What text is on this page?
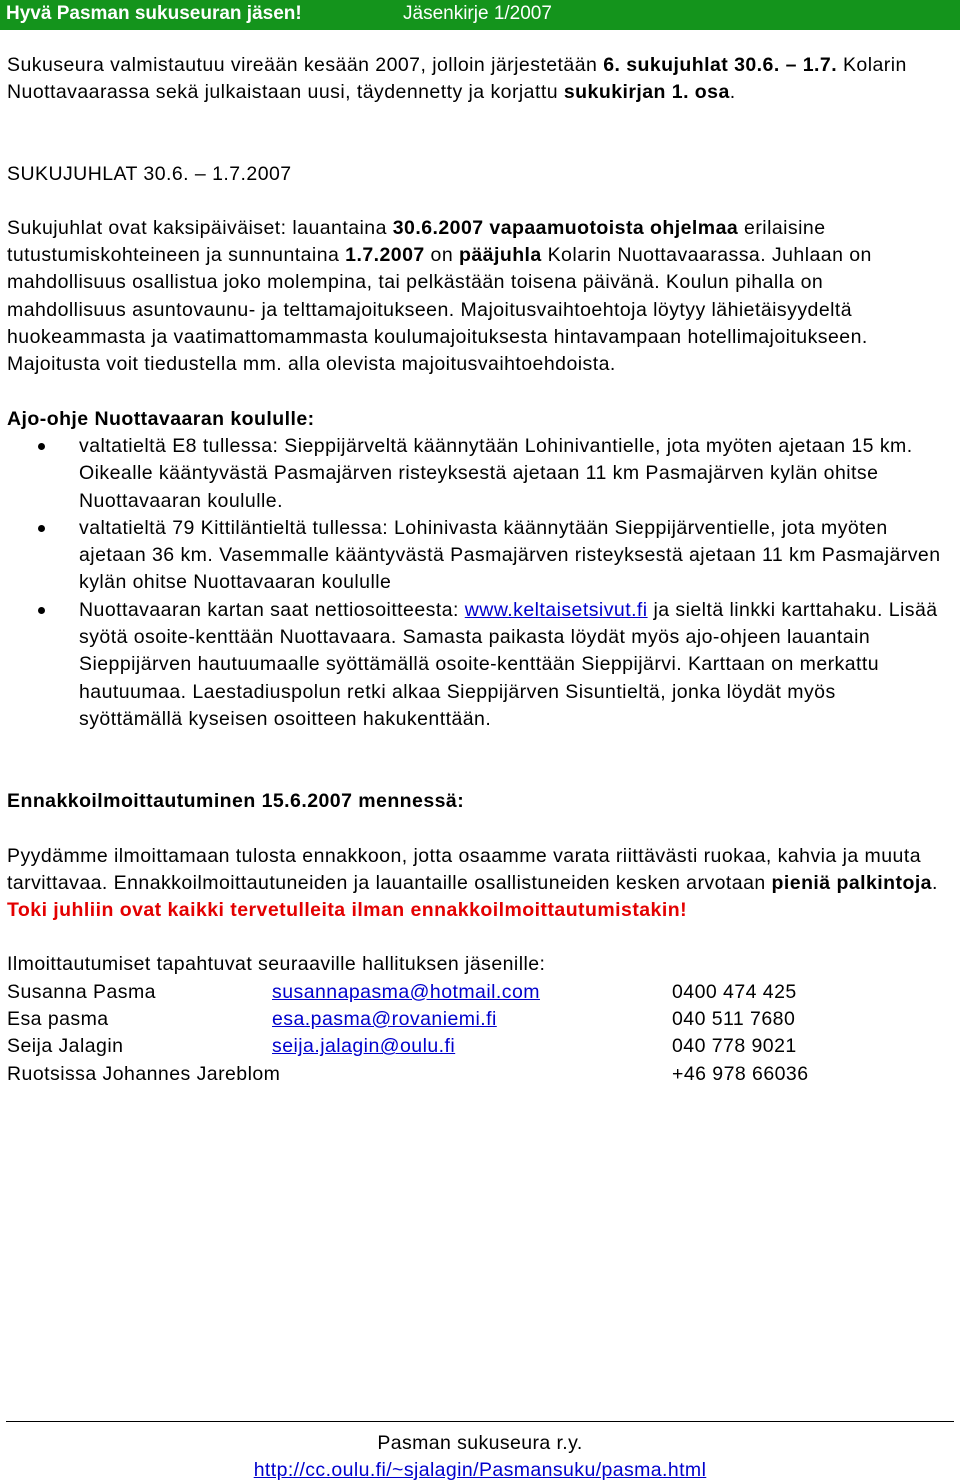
Hyvä Pasman sukuseuran jäsen!	Jäsenkirje 1/2007

Sukuseura valmistautuu vireään kesään 2007, jolloin järjestetään 6. sukujuhlat 30.6. – 1.7. Kolarin Nuottavaarassa sekä julkaistaan uusi, täydennetty ja korjattu sukukirjan 1. osa.

SUKUJUHLAT 30.6. – 1.7.2007

Sukujuhlat ovat kaksipäiväiset: lauantaina 30.6.2007 vapaamuotoista ohjelmaa erilaisine tutustumiskohteineen ja sunnuntaina 1.7.2007 on pääjuhla Kolarin Nuottavaarassa. Juhlaan on mahdollisuus osallistua joko molempina, tai pelkästään toisena päivänä. Koulun pihalla on mahdollisuus asuntovaunu- ja telttamajoitukseen. Majoitusvaihtoehtoja löytyy lähietäisyydeltä huokeammasta ja vaatimattomammasta koulumajoituksesta hintavampaan hotellimajoitukseen. Majoitusta voit tiedustella mm. alla olevista majoitusvaihtoehdoista.

Ajo-ohje Nuottavaaran koululle:

valtatieltä E8 tullessa: Sieppijärveltä käännytään Lohinivantielle, jota myöten ajetaan 15 km. Oikealle kääntyvästä Pasmajärven risteyksestä ajetaan 11 km Pasmajärven kylän ohitse Nuottavaaran koululle.
valtatieltä 79 Kittiläntieltä tullessa: Lohinivasta käännytään Sieppijärventielle, jota myöten ajetaan 36 km. Vasemmalle kääntyvästä Pasmajärven risteyksestä ajetaan 11 km Pasmajärven kylän ohitse Nuottavaaran koululle
Nuottavaaran kartan saat nettiosoitteesta: www.keltaisetsivut.fi ja sieltä linkki karttahaku. Lisää syötä osoite-kenttään Nuottavaara. Samasta paikasta löydät myös ajo-ohjeen lauantain Sieppijärven hautuumaalle syöttämällä osoite-kenttään Sieppijärvi. Karttaan on merkattu hautuumaa. Laestadiuspolun retki alkaa Sieppijärven Sisuntieltä, jonka löydät myös syöttämällä kyseisen osoitteen hakukenttään.

Ennakkoilmoittautuminen 15.6.2007 mennessä:

Pyydämme ilmoittamaan tulosta ennakkoon, jotta osaamme varata riittävästi ruokaa, kahvia ja muuta tarvittavaa. Ennakkoilmoittautuneiden ja lauantaille osallistuneiden kesken arvotaan pieniä palkintoja.

Toki juhliin ovat kaikki tervetulleita ilman ennakkoilmoittautumistakin!

Ilmoittautumiset tapahtuvat seuraaville hallituksen jäsenille:

Susanna Pasma	susannapasma@hotmail.com	0400 474 425
Esa pasma	esa.pasma@rovaniemi.fi	040 511 7680
Seija Jalagin	seija.jalagin@oulu.fi	040 778 9021
Ruotsissa Johannes Jareblom		+46 978 66036
Pasman sukuseura r.y.
http://cc.oulu.fi/~sjalagin/Pasmansuku/pasma.html
